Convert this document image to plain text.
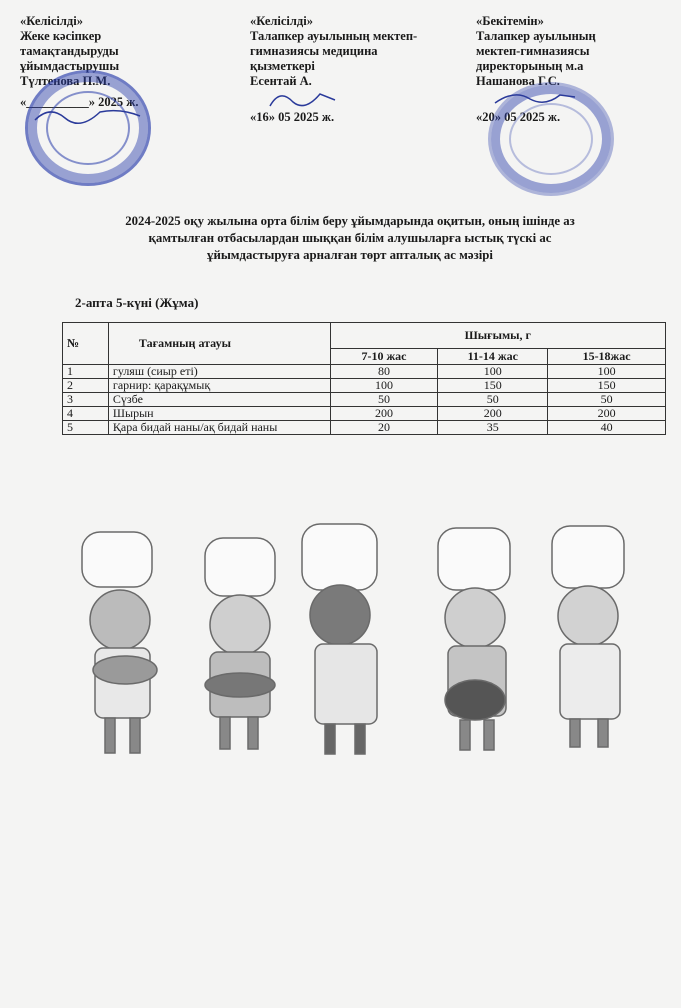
«Келісілді»
Жеке кәсіпкер
тамақтандыруды
ұйымдастырушы
Түлтенова П.М.
«__________» 2025 ж.
«Келісілді»
Талапкер ауылының мектеп-
гимназиясы медицина
қызметкері
Есентай А.
«16» 05 2025 ж.
«Бекітемін»
Талапкер ауылының
мектеп-гимназиясы
директорының м.а
Нашанова Г.С.
«20» 05 2025 ж.
2024-2025 оқу жылына орта білім беру ұйымдарында оқитын, оның ішінде аз
қамтылған отбасылардан шыққан білім алушыларға ыстық түскі ас
ұйымдастыруға арналған төрт апталық ас мәзірі
2-апта 5-күні (Жұма)
№	Тағамның атауы	Шығымы, г		
		7-10 жас	11-14 жас	15-18жас
1	гуляш (сиыр еті)	80	100	100
2	гарнир: қарақұмық	100	150	150
3	Сүзбе	50	50	50
4	Шырын	200	200	200
5	Қара бидай наны/ақ бидай наны	20	35	40
